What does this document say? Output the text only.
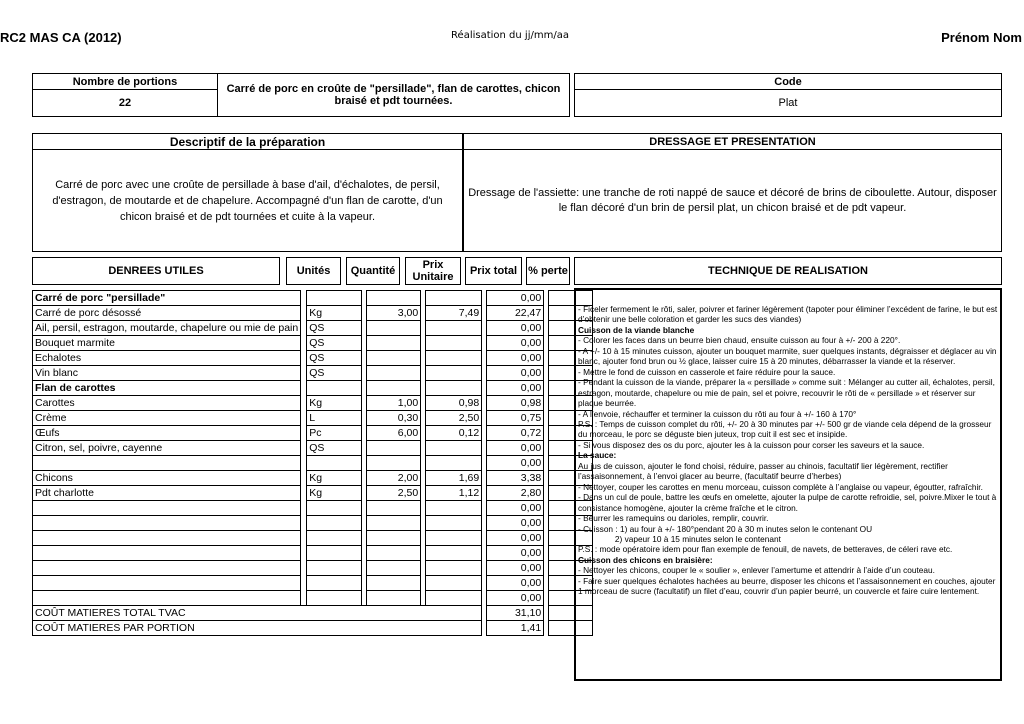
RC2 MAS CA (2012)	Réalisation du jj/mm/aa	Prénom Nom
Nombre de portions
22
Carré de porc en croûte de "persillade", flan de carottes, chicon braisé et pdt tournées.
Code
Plat
Descriptif de la préparation
Carré de porc avec une croûte de persillade à base d'ail, d'échalotes, de persil, d'estragon, de moutarde et de chapelure. Accompagné d'un flan de carotte, d'un chicon braisé et de pdt tournées et cuite à la vapeur.
DRESSAGE ET PRESENTATION
Dressage de l'assiette: une tranche de roti nappé de sauce et décoré de brins de ciboulette. Autour, disposer le flan décoré d'un brin de persil plat, un chicon braisé et de pdt vapeur.
DENREES UTILES	Unités	Quantité	Prix Unitaire	Prix total	% perte	TECHNIQUE DE REALISATION
Carré de porc "persillade"								0,00		
Carré de porc désossé		Kg		3,00		7,49		22,47		
Ail, persil, estragon, moutarde, chapelure ou mie de pain		QS						0,00		
Bouquet marmite		QS						0,00		
Echalotes		QS						0,00		
Vin blanc		QS						0,00		
Flan de carottes								0,00		
Carottes		Kg		1,00		0,98		0,98		
Crème		L		0,30		2,50		0,75		
Œufs		Pc		6,00		0,12		0,72		
Citron, sel, poivre, cayenne		QS						0,00		
								0,00		
Chicons		Kg		2,00		1,69		3,38		
Pdt charlotte		Kg		2,50		1,12		2,80		
								0,00		
								0,00		
								0,00		
								0,00		
								0,00		
								0,00		
								0,00		
COÛT MATIERES TOTAL TVAC								31,10		
COÛT MATIERES PAR PORTION								1,41		
- Ficeler fermement le rôti, saler, poivrer et fariner légèrement (tapoter pour éliminer l’excédent de farine, le but est d’obtenir une belle coloration et garder les sucs des viandes)
Cuisson de la viande blanche
- Colorer les faces dans un beurre bien chaud, ensuite cuisson au four à +/- 200 à 220°.
- A +/- 10 à 15 minutes cuisson, ajouter un bouquet marmite, suer quelques instants, dégraisser et déglacer au vin blanc, ajouter fond brun ou ½ glace, laisser cuire 15 à 20 minutes, débarrasser la viande et la réserver.
- Mettre le fond de cuisson en casserole et faire réduire pour la sauce.
- Pendant la cuisson de la viande, préparer la « persillade » comme suit : Mélanger au cutter ail, échalotes, persil, estragon, moutarde, chapelure ou mie de pain, sel et poivre, recouvrir le rôti de « persillade » et réserver sur plaque beurrée.
- A l’envoie, réchauffer et terminer la cuisson du rôti au four à +/- 160 à 170°
P.S. : Temps de cuisson complet du rôti, +/- 20 à 30 minutes par +/- 500 gr de viande cela dépend de la grosseur du morceau, le porc se déguste bien juteux, trop cuit il est sec et insipide.
- Si vous disposez des os du porc, ajouter les à la cuisson pour corser les saveurs et la sauce.
La sauce:
Au jus de cuisson, ajouter le fond choisi, réduire, passer au chinois, facultatif lier légèrement, rectifier l’assaisonnement, à l’envoi glacer au beurre, (facultatif beurre d’herbes)
- Nettoyer, couper les carottes en menu morceau, cuisson complète à l’anglaise ou vapeur, égoutter, rafraîchir.
- Dans un cul de poule, battre les œufs en omelette, ajouter la pulpe de carotte refroidie, sel, poivre.Mixer le tout à consistance homogène, ajouter la crème fraîche et le citron.
- Beurrer les ramequins ou darioles, remplir, couvrir.
- Cuisson : 1) au four à +/- 180°pendant 20 à 30 m inutes selon le contenant OU
2) vapeur 10 à 15 minutes selon le contenant
P.S. : mode opératoire idem pour flan exemple de fenouil, de navets, de betteraves, de céleri rave etc.
Cuisson des chicons en braisière:
- Nettoyer les chicons, couper le « soulier », enlever l’amertume et attendrir à l’aide d’un couteau.
- Faire suer quelques échalotes hachées au beurre, disposer les chicons et l’assaisonnement en couches, ajouter 1 morceau de sucre (facultatif) un filet d’eau, couvrir d’un papier beurré, un couvercle et faire cuire lentement.
